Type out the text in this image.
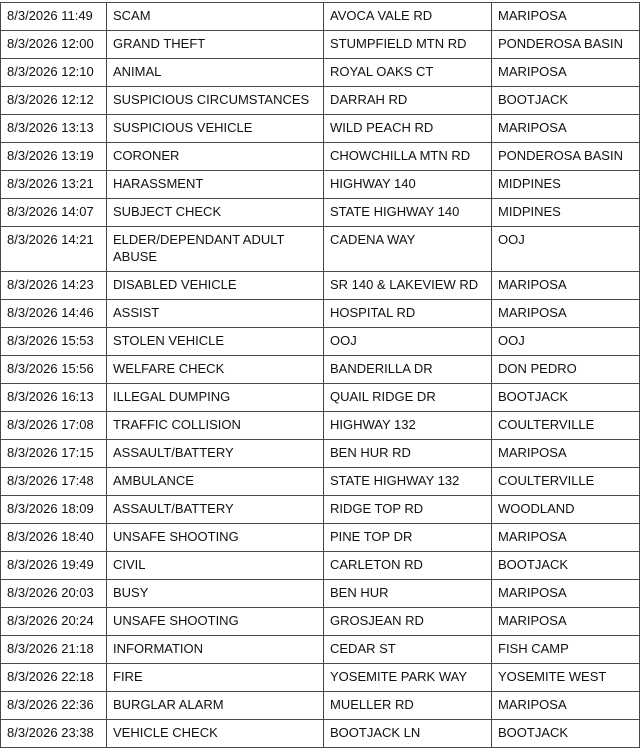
8/3/2026 11:49	SCAM	AVOCA VALE RD	MARIPOSA
8/3/2026 12:00	GRAND THEFT	STUMPFIELD MTN RD	PONDEROSA BASIN
8/3/2026 12:10	ANIMAL	ROYAL OAKS CT	MARIPOSA
8/3/2026 12:12	SUSPICIOUS CIRCUMSTANCES	DARRAH RD	BOOTJACK
8/3/2026 13:13	SUSPICIOUS VEHICLE	WILD PEACH RD	MARIPOSA
8/3/2026 13:19	CORONER	CHOWCHILLA MTN RD	PONDEROSA BASIN
8/3/2026 13:21	HARASSMENT	HIGHWAY 140	MIDPINES
8/3/2026 14:07	SUBJECT CHECK	STATE HIGHWAY 140	MIDPINES
8/3/2026 14:21	ELDER/DEPENDANT ADULT ABUSE	CADENA WAY	OOJ
8/3/2026 14:23	DISABLED VEHICLE	SR 140 & LAKEVIEW RD	MARIPOSA
8/3/2026 14:46	ASSIST	HOSPITAL RD	MARIPOSA
8/3/2026 15:53	STOLEN VEHICLE	OOJ	OOJ
8/3/2026 15:56	WELFARE CHECK	BANDERILLA DR	DON PEDRO
8/3/2026 16:13	ILLEGAL DUMPING	QUAIL RIDGE DR	BOOTJACK
8/3/2026 17:08	TRAFFIC COLLISION	HIGHWAY 132	COULTERVILLE
8/3/2026 17:15	ASSAULT/BATTERY	BEN HUR RD	MARIPOSA
8/3/2026 17:48	AMBULANCE	STATE HIGHWAY 132	COULTERVILLE
8/3/2026 18:09	ASSAULT/BATTERY	RIDGE TOP RD	WOODLAND
8/3/2026 18:40	UNSAFE SHOOTING	PINE TOP DR	MARIPOSA
8/3/2026 19:49	CIVIL	CARLETON RD	BOOTJACK
8/3/2026 20:03	BUSY	BEN HUR	MARIPOSA
8/3/2026 20:24	UNSAFE SHOOTING	GROSJEAN RD	MARIPOSA
8/3/2026 21:18	INFORMATION	CEDAR ST	FISH CAMP
8/3/2026 22:18	FIRE	YOSEMITE PARK WAY	YOSEMITE WEST
8/3/2026 22:36	BURGLAR ALARM	MUELLER RD	MARIPOSA
8/3/2026 23:38	VEHICLE CHECK	BOOTJACK LN	BOOTJACK
